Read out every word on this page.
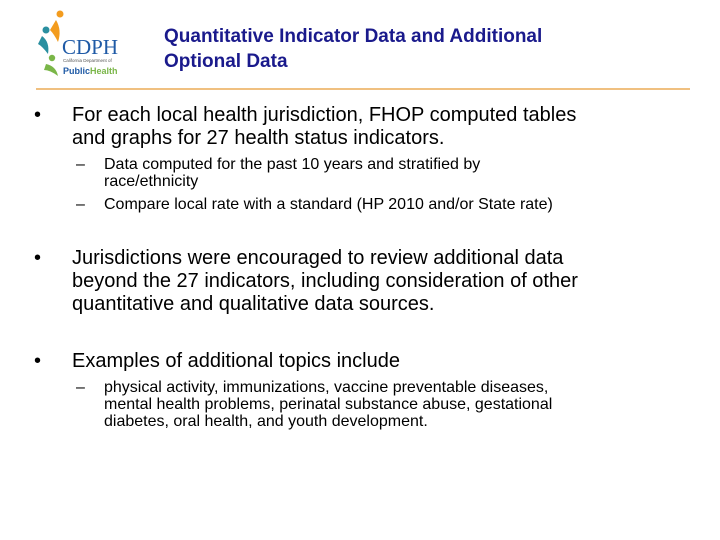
CDPH
California Department of
PublicHealth
Quantitative Indicator Data and Additional
Optional Data
•	For each local health jurisdiction, FHOP computed tables
and graphs for 27 health status indicators.
– Data computed for the past 10 years and stratified by
race/ethnicity
– Compare local rate with a standard (HP 2010 and/or State rate)
•	Jurisdictions were encouraged to review additional data
beyond the 27 indicators, including consideration of other
quantitative and qualitative data sources.
•	Examples of additional topics include
– physical activity, immunizations, vaccine preventable diseases,
mental health problems, perinatal substance abuse, gestational
diabetes, oral health, and youth development.
